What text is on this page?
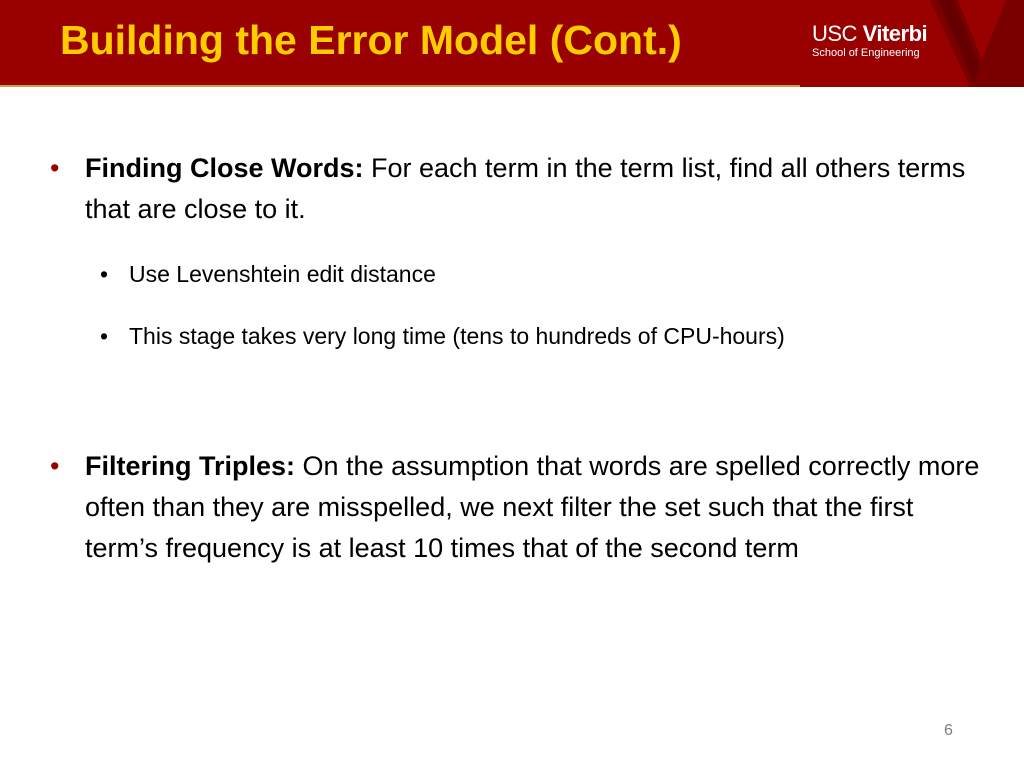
Building the Error Model (Cont.)	USC Viterbi
School of Engineering
• Finding Close Words: For each term in the term list, find all others terms that are close to it.
• Use Levenshtein edit distance
• This stage takes very long time (tens to hundreds of CPU-hours)
• Filtering Triples: On the assumption that words are spelled correctly more often than they are misspelled, we next filter the set such that the first term’s frequency is at least 10 times that of the second term
6
